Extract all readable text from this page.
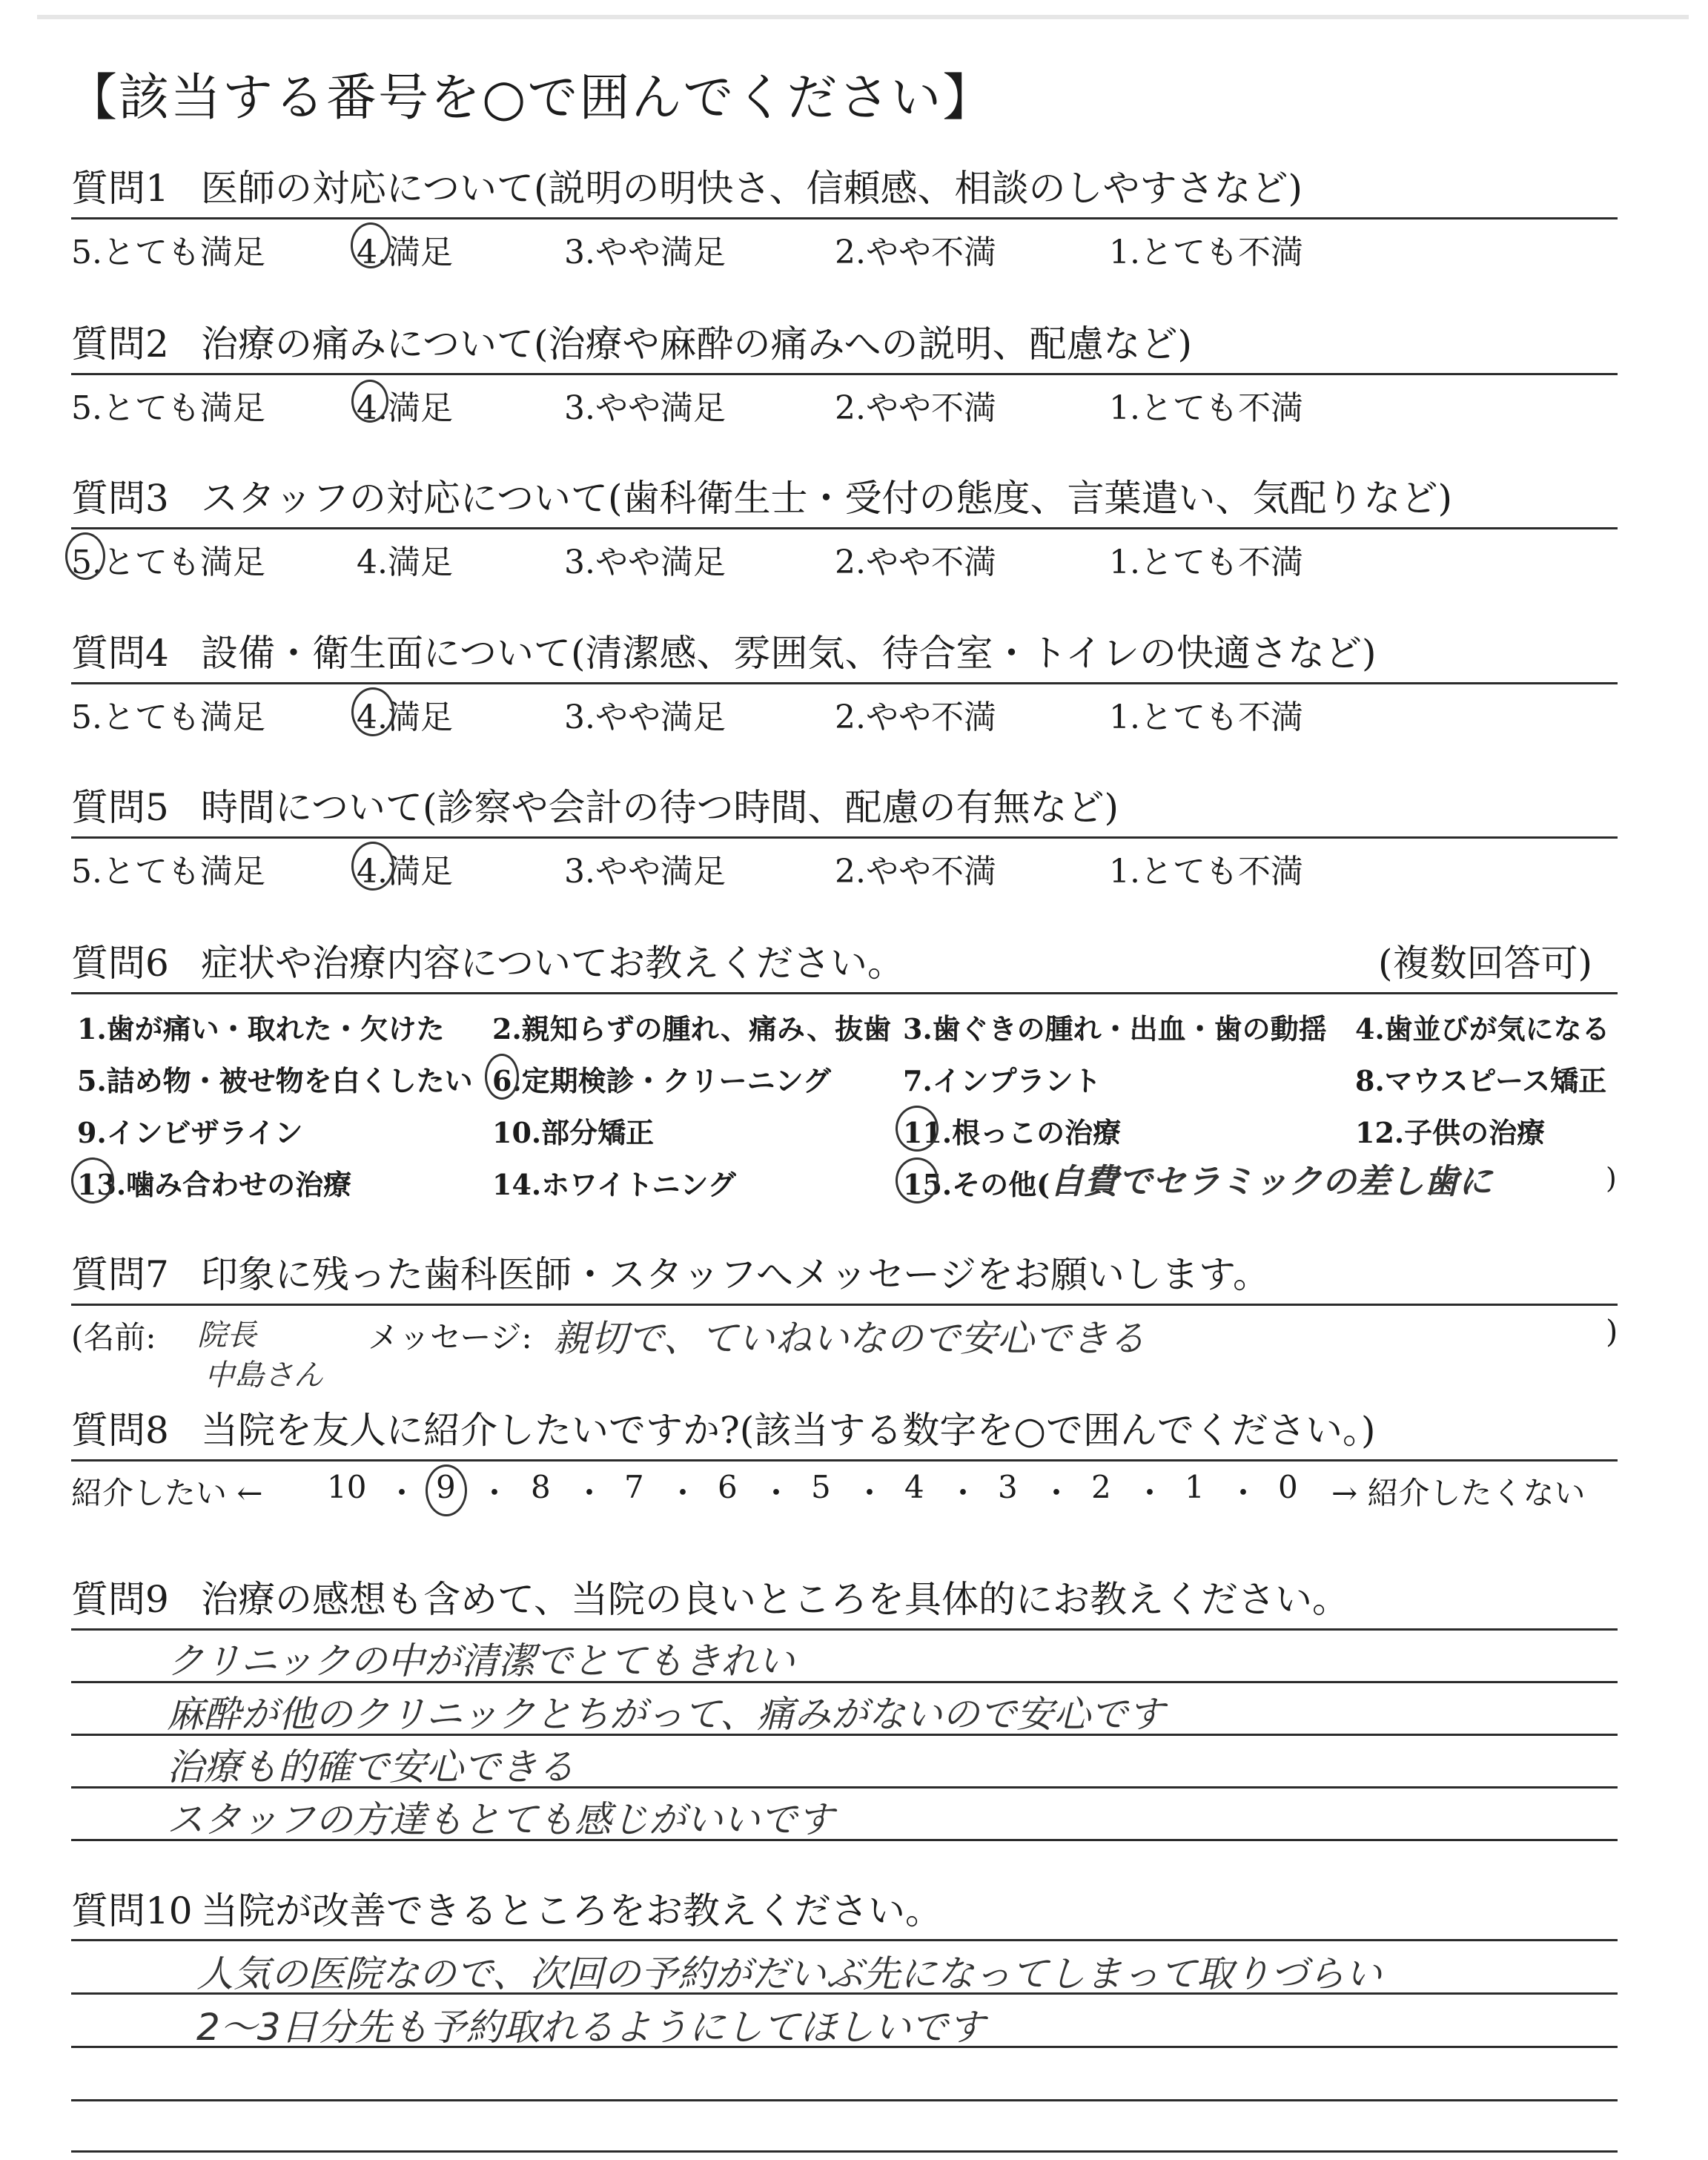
【該当する番号を○で囲んでください】
質問1 医師の対応について(説明の明快さ、信頼感、相談のしやすさなど)
5.とても満足	4.満足	3.やや満足	2.やや不満	1.とても不満
質問2 治療の痛みについて(治療や麻酔の痛みへの説明、配慮など)
5.とても満足	4.満足	3.やや満足	2.やや不満	1.とても不満
質問3 スタッフの対応について(歯科衛生士・受付の態度、言葉遣い、気配りなど)
5.とても満足	4.満足	3.やや満足	2.やや不満	1.とても不満
質問4 設備・衛生面について(清潔感、雰囲気、待合室・トイレの快適さなど)
5.とても満足	4.満足	3.やや満足	2.やや不満	1.とても不満
質問5 時間について(診察や会計の待つ時間、配慮の有無など)
5.とても満足	4.満足	3.やや満足	2.やや不満	1.とても不満
質問6 症状や治療内容についてお教えください。	(複数回答可)
1.歯が痛い・取れた・欠けた 2.親知らずの腫れ、痛み、抜歯 3.歯ぐきの腫れ・出血・歯の動揺 4.歯並びが気になる
5.詰め物・被せ物を白くしたい 6.定期検診・クリーニング	7.インプラント	8.マウスピース矯正
9.インビザライン	10.部分矯正	11.根っこの治療	12.子供の治療
13.噛み合わせの治療	14.ホワイトニング	15.その他( 自費でセラミックの差し歯に	)
質問7 印象に残った歯科医師・スタッフへメッセージをお願いします。
(名前: 院長
中島さん
メッセージ: 親切で、ていねいなので安心できる	)
質問8 当院を友人に紹介したいですか?(該当する数字を○で囲んでください。)
紹介したい ← 10 ・ 9 ・ 8 ・ 7 ・ 6 ・ 5 ・ 4 ・ 3 ・ 2 ・ 1 ・ 0 → 紹介したくない
質問9 治療の感想も含めて、当院の良いところを具体的にお教えください。
クリニックの中が清潔でとてもきれい
麻酔が他のクリニックとちがって、痛みがないので安心です
治療も的確で安心できる
スタッフの方達もとても感じがいいです
質問10 当院が改善できるところをお教えください。
人気の医院なので、次回の予約がだいぶ先になってしまって取りづらい
2〜3日分先も予約取れるようにしてほしいです
